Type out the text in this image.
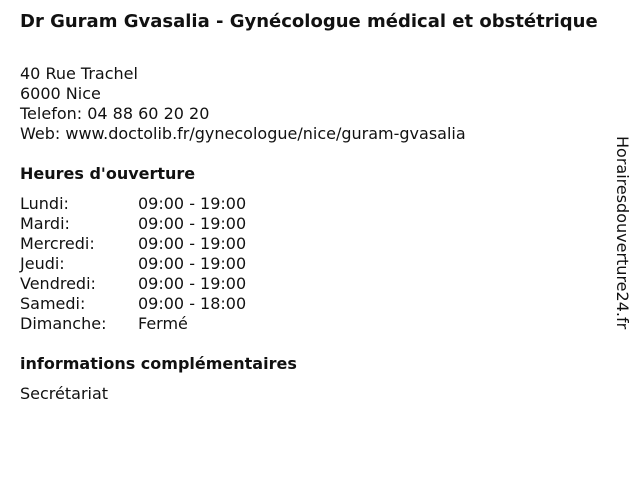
Dr Guram Gvasalia - Gynécologue médical et obstétrique
40 Rue Trachel
6000 Nice
Telefon: 04 88 60 20 20
Web: www.doctolib.fr/gynecologue/nice/guram-gvasalia
Heures d'ouverture
Lundi:	09:00 - 19:00
Mardi:	09:00 - 19:00
Mercredi:	09:00 - 19:00
Jeudi:	09:00 - 19:00
Vendredi:	09:00 - 19:00
Samedi:	09:00 - 18:00
Dimanche:	Fermé
informations complémentaires
Secrétariat
Horairesdouverture24.fr
